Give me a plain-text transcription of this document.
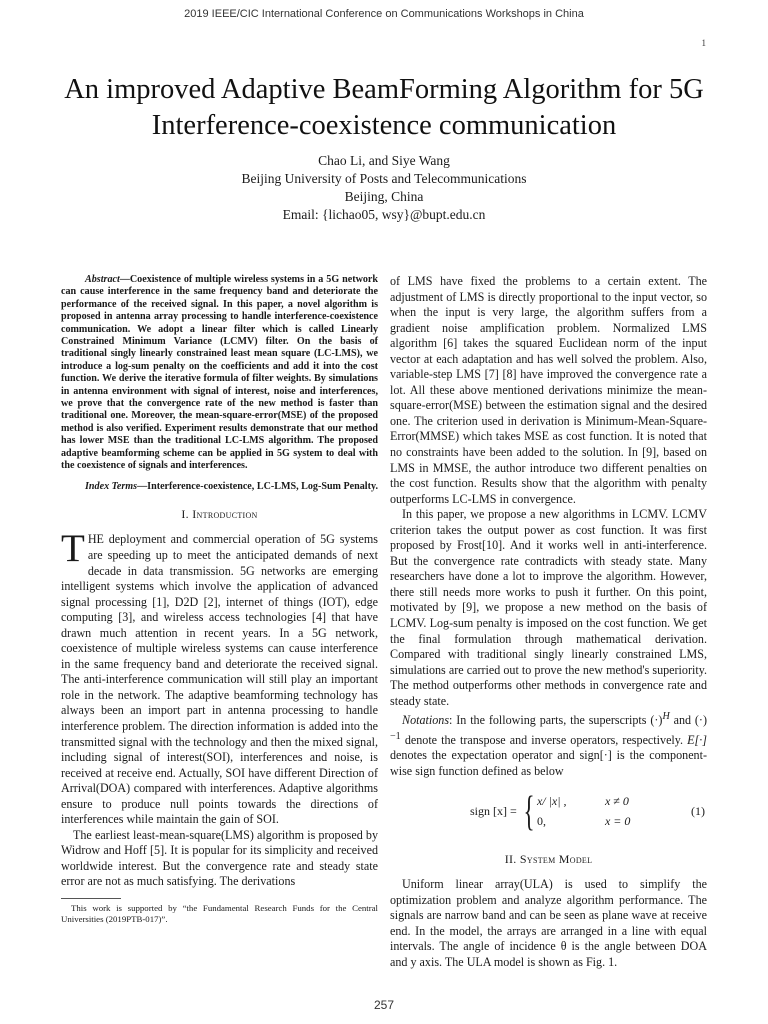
2019 IEEE/CIC International Conference on Communications Workshops in China
1
An improved Adaptive BeamForming Algorithm for 5G Interference-coexistence communication
Chao Li, and Siye Wang
Beijing University of Posts and Telecommunications
Beijing, China
Email: {lichao05, wsy}@bupt.edu.cn

Abstract—Coexistence of multiple wireless systems in a 5G network can cause interference in the same frequency band and deteriorate the performance of the received signal. In this paper, a novel algorithm is proposed in antenna array processing to handle interference-coexistence communication. We adopt a linear filter which is called Linearly Constrained Minimum Variance (LCMV) filter. On the basis of traditional singly linearly constrained least mean square (LC-LMS), we introduce a log-sum penalty on the coefficients and add it into the cost function. We derive the iterative formula of filter weights. By simulations in antenna environment with signal of interest, noise and interferences, we prove that the convergence rate of the new method is faster than traditional one. Moreover, the mean-square-error(MSE) of the proposed method is also verified. Experiment results demonstrate that our method has lower MSE than the traditional LC-LMS algorithm. The proposed adaptive beamforming scheme can be applied in 5G system to deal with the coexistence of signals and interferences.

Index Terms—Interference-coexistence, LC-LMS, Log-Sum Penalty.

I. Introduction

THE deployment and commercial operation of 5G systems are speeding up to meet the anticipated demands of next decade in data transmission. 5G networks are emerging intelligent systems which involve the application of advanced signal processing [1], D2D [2], internet of things (IOT), edge computing [3], and wireless access technologies [4] that have drawn much attention in recent years. In a 5G network, coexistence of multiple wireless systems can cause interference in the same frequency band and deteriorate the received signal. The anti-interference communication will still play an important role in the network. The adaptive beamforming technology has always been an import part in antenna processing to handle interference problem. The direction information is added into the transmitted signal with the technology and then the mixed signal, including signal of interest(SOI), interferences and noise, is received at receive end. Actually, SOI have different Direction of Arrival(DOA) compared with interferences. Adaptive algorithms ensure to produce null points towards the directions of interferences while maintain the gain of SOI.

The earliest least-mean-square(LMS) algorithm is proposed by Widrow and Hoff [5]. It is popular for its simplicity and received worldwide interest. But the convergence rate and steady state error are not as much satisfying. The derivations

This work is supported by “the Fundamental Research Funds for the Central Universities (2019PTB-017)”.

of LMS have fixed the problems to a certain extent. The adjustment of LMS is directly proportional to the input vector, so when the input is very large, the algorithm suffers from a gradient noise amplification problem. Normalized LMS algorithm [6] takes the squared Euclidean norm of the input vector at each adaptation and has well solved the problem. Also, variable-step LMS [7] [8] have improved the convergence rate a lot. All these above mentioned derivations minimize the mean-square-error(MSE) between the estimation signal and the desired one. The criterion used in derivation is Minimum-Mean-Square-Error(MMSE) which takes MSE as cost function. It is noted that no constraints have been added to the solution. In [9], based on LMS in MMSE, the author introduce two different penalties on the cost function. Results show that the algorithm with penalty outperforms LC-LMS in convergence.

In this paper, we propose a new algorithms in LCMV. LCMV criterion takes the output power as cost function. It was first proposed by Frost[10]. And it works well in anti-interference. But the convergence rate contradicts with steady state. Many researchers have done a lot to improve the algorithm. However, there still needs more works to push it further. On this point, motivated by [9], we propose a new method on the basis of LCMV. Log-sum penalty is imposed on the cost function. We get the final formulation through mathematical derivation. Compared with traditional singly linearly constrained LMS, simulations are carried out to prove the new method's superiority. The method outperforms other methods in convergence rate and steady state.

Notations: In the following parts, the superscripts $(\cdot)^H$ and $(\cdot)^{-1}$ denote the transpose and inverse operators, respectively. E[·] denotes the expectation operator and sign[·] is the component-wise sign function defined as below

sign [x] = { x/ |x| ,	x ≠ 0
0,	x = 0
(1)

II. System Model

Uniform linear array(ULA) is used to simplify the optimization problem and analyze algorithm performance. The signals are narrow band and can be seen as plane wave at receive end. In the model, the arrays are arranged in a line with equal intervals. The angle of incidence θ is the angle between DOA and y axis. The ULA model is shown as Fig. 1.

257
